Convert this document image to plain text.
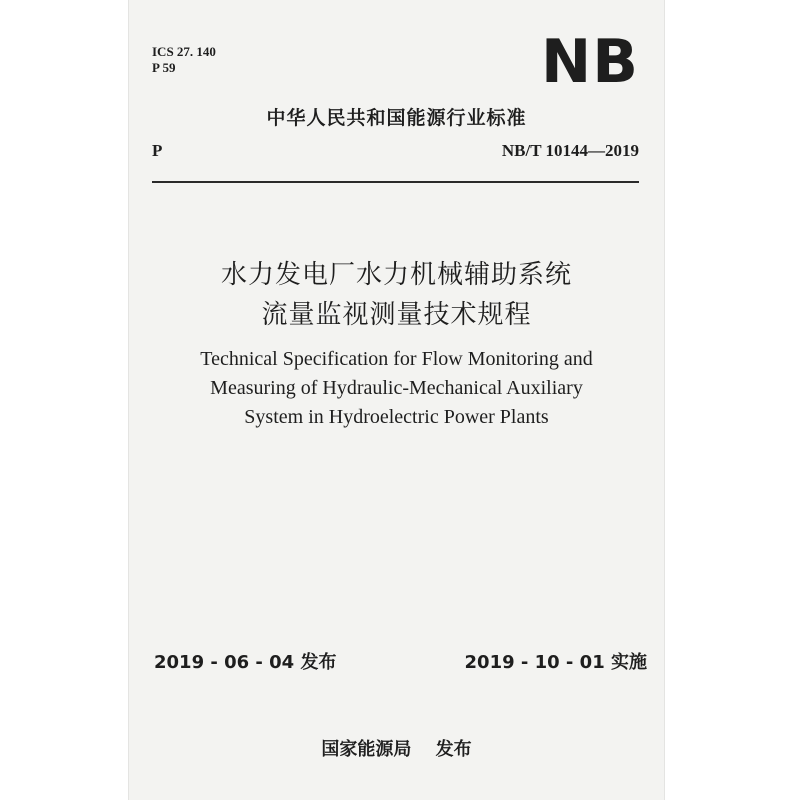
ICS 27. 140
P 59	NB
中华人民共和国能源行业标准
P	NB/T 10144—2019
水力发电厂水力机械辅助系统
流量监视测量技术规程
Technical Specification for Flow Monitoring and
Measuring of Hydraulic-Mechanical Auxiliary
System in Hydroelectric Power Plants
2019 - 06 - 04 发布	2019 - 10 - 01 实施
国家能源局 发布
